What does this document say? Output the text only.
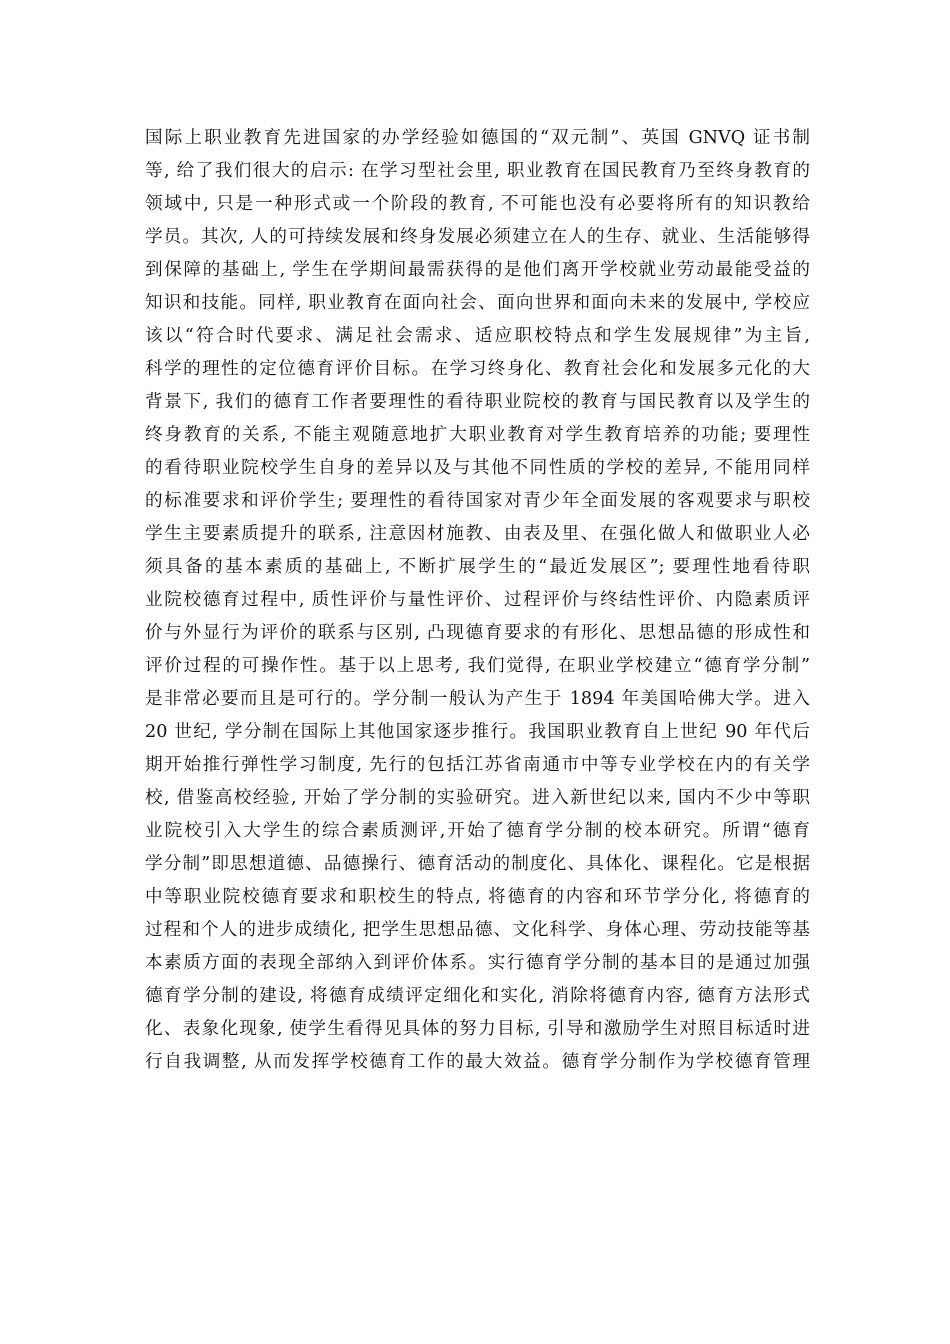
国际上职业教育先进国家的办学经验如德国的“双元制”、英国 GNVQ 证书制
等, 给了我们很大的启示: 在学习型社会里, 职业教育在国民教育乃至终身教育的
领域中, 只是一种形式或一个阶段的教育, 不可能也没有必要将所有的知识教给
学员。其次, 人的可持续发展和终身发展必须建立在人的生存、就业、生活能够得
到保障的基础上, 学生在学期间最需获得的是他们离开学校就业劳动最能受益的
知识和技能。同样, 职业教育在面向社会、面向世界和面向未来的发展中, 学校应
该以“符合时代要求、满足社会需求、适应职校特点和学生发展规律”为主旨,
科学的理性的定位德育评价目标。在学习终身化、教育社会化和发展多元化的大
背景下, 我们的德育工作者要理性的看待职业院校的教育与国民教育以及学生的
终身教育的关系, 不能主观随意地扩大职业教育对学生教育培养的功能; 要理性
的看待职业院校学生自身的差异以及与其他不同性质的学校的差异, 不能用同样
的标准要求和评价学生; 要理性的看待国家对青少年全面发展的客观要求与职校
学生主要素质提升的联系, 注意因材施教、由表及里、在强化做人和做职业人必
须具备的基本素质的基础上, 不断扩展学生的“最近发展区”; 要理性地看待职
业院校德育过程中, 质性评价与量性评价、过程评价与终结性评价、内隐素质评
价与外显行为评价的联系与区别, 凸现德育要求的有形化、思想品德的形成性和
评价过程的可操作性。基于以上思考, 我们觉得, 在职业学校建立“德育学分制”
是非常必要而且是可行的。学分制一般认为产生于 1894 年美国哈佛大学。进入
20 世纪, 学分制在国际上其他国家逐步推行。我国职业教育自上世纪 90 年代后
期开始推行弹性学习制度, 先行的包括江苏省南通市中等专业学校在内的有关学
校, 借鉴高校经验, 开始了学分制的实验研究。进入新世纪以来, 国内不少中等职
业院校引入大学生的综合素质测评,开始了德育学分制的校本研究。所谓“德育
学分制”即思想道德、品德操行、德育活动的制度化、具体化、课程化。它是根据
中等职业院校德育要求和职校生的特点, 将德育的内容和环节学分化, 将德育的
过程和个人的进步成绩化, 把学生思想品德、文化科学、身体心理、劳动技能等基
本素质方面的表现全部纳入到评价体系。实行德育学分制的基本目的是通过加强
德育学分制的建设, 将德育成绩评定细化和实化, 消除将德育内容, 德育方法形式
化、表象化现象, 使学生看得见具体的努力目标, 引导和激励学生对照目标适时进
行自我调整, 从而发挥学校德育工作的最大效益。德育学分制作为学校德育管理
